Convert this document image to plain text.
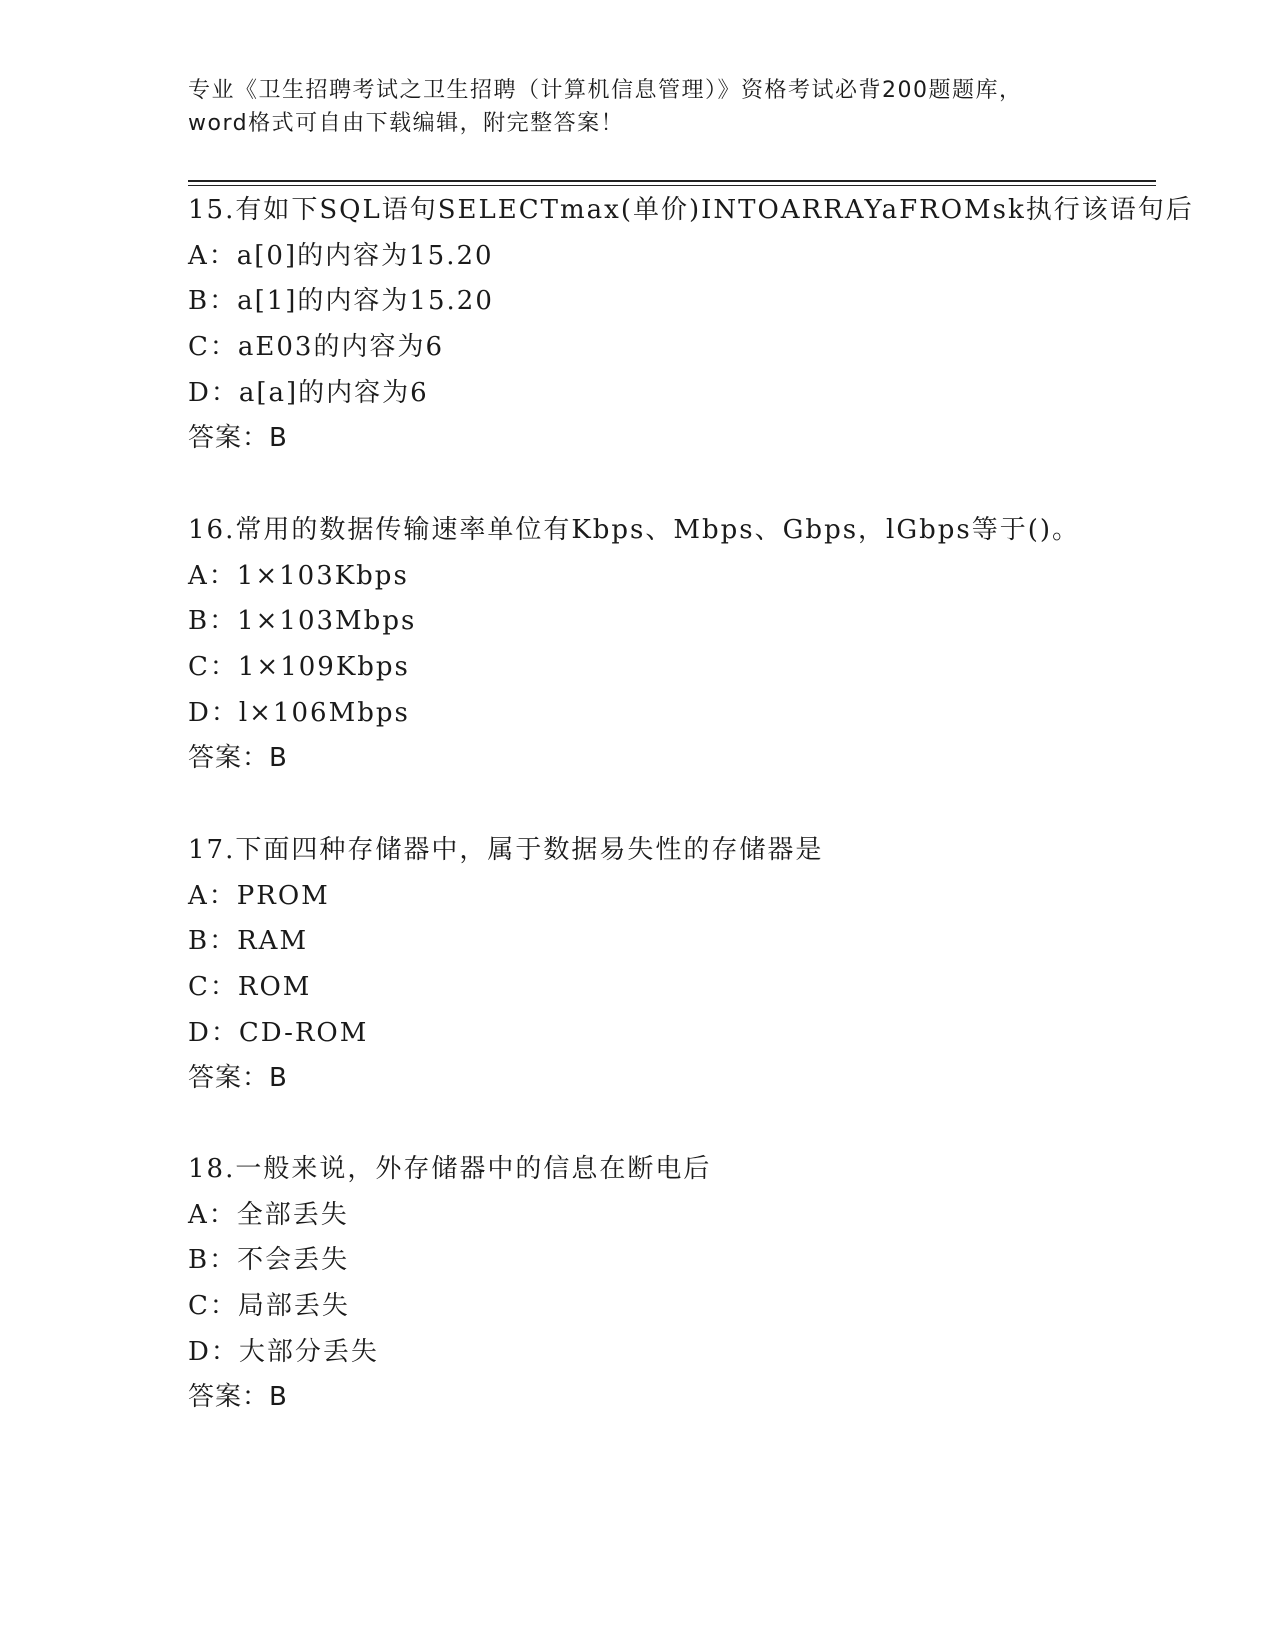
专业《卫生招聘考试之卫生招聘（计算机信息管理）》资格考试必背200题题库，
word格式可自由下载编辑，附完整答案！
15.有如下SQL语句SELECTmax(单价)INTOARRAYaFROMsk执行该语句后
A：a[0]的内容为15.20
B：a[1]的内容为15.20
C：aE03的内容为6
D：a[a]的内容为6
答案：B
16.常用的数据传输速率单位有Kbps、Mbps、Gbps，lGbps等于()。
A：1×103Kbps
B：1×103Mbps
C：1×109Kbps
D：l×106Mbps
答案：B
17.下面四种存储器中，属于数据易失性的存储器是
A：PROM
B：RAM
C：ROM
D：CD-ROM
答案：B
18.一般来说，外存储器中的信息在断电后
A：全部丢失
B：不会丢失
C：局部丢失
D：大部分丢失
答案：B
